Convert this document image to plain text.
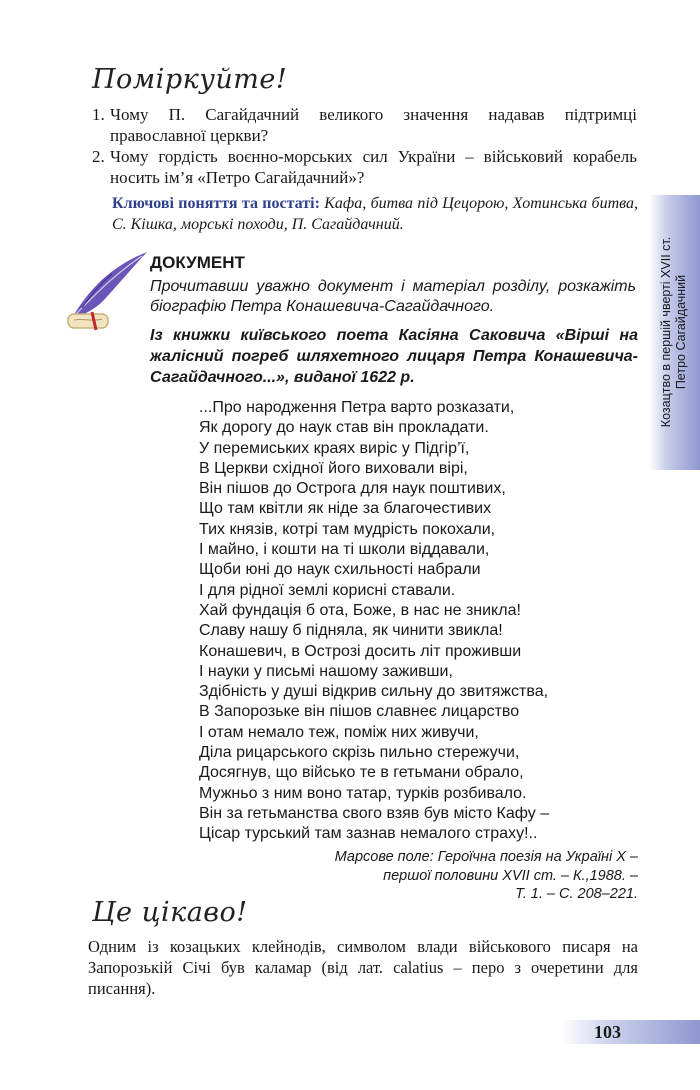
Поміркуйте!

1. Чому П. Сагайдачний великого значення надавав підтримці православної церкви?

2. Чому гордість воєнно-морських сил України – військовий корабель носить ім’я «Петро Сагайдачний»?

Ключові поняття та постаті: Кафа, битва під Цецорою, Хотинська битва, С. Кішка, морські походи, П. Сагайдачний.
ДОКУМЕНТ
Прочитавши уважно документ і матеріал розділу, розкажіть біографію Петра Конашевича-Сагайдачного.
Із книжки київського поета Касіяна Саковича «Вірші на жалісний погреб шляхетного лицаря Петра Конашевича-Сагайдачного...», виданої 1622 р.
...Про народження Петра варто розказати,
Як дорогу до наук став він прокладати.
У перемиських краях виріс у Підгір’ї,
В Церкви східної його виховали вірі,
Він пішов до Острога для наук поштивих,
Що там квітли як ніде за благочестивих
Тих князів, котрі там мудрість покохали,
І майно, і кошти на ті школи віддавали,
Щоби юні до наук схильності набрали
І для рідної землі корисні ставали.
Хай фундація б ота, Боже, в нас не зникла!
Славу нашу б підняла, як чинити звикла!
Конашевич, в Острозі досить літ проживши
І науки у письмі нашому заживши,
Здібність у душі відкрив сильну до звитяжства,
В Запорозьке він пішов славнеє лицарство
І отам немало теж, поміж них живучи,
Діла рицарського скрізь пильно стережучи,
Досягнув, що військо те в гетьмани обрало,
Мужньо з ним воно татар, турків розбивало.
Він за гетьманства свого взяв був місто Кафу –
Цісар турський там зазнав немалого страху!..
Марсове поле: Героїчна поезія на Україні Х –
першої половини ХVII ст. – К.,1988. –
Т. 1. – С. 208–221.
Це цікаво!
Одним із козацьких клейнодів, символом влади військового писаря на Запорозькій Січі був каламар (від лат. calatius – перо з очеретини для писання).
Козацтво в першій чверті XVII ст. Петро Сагайдачний
103
